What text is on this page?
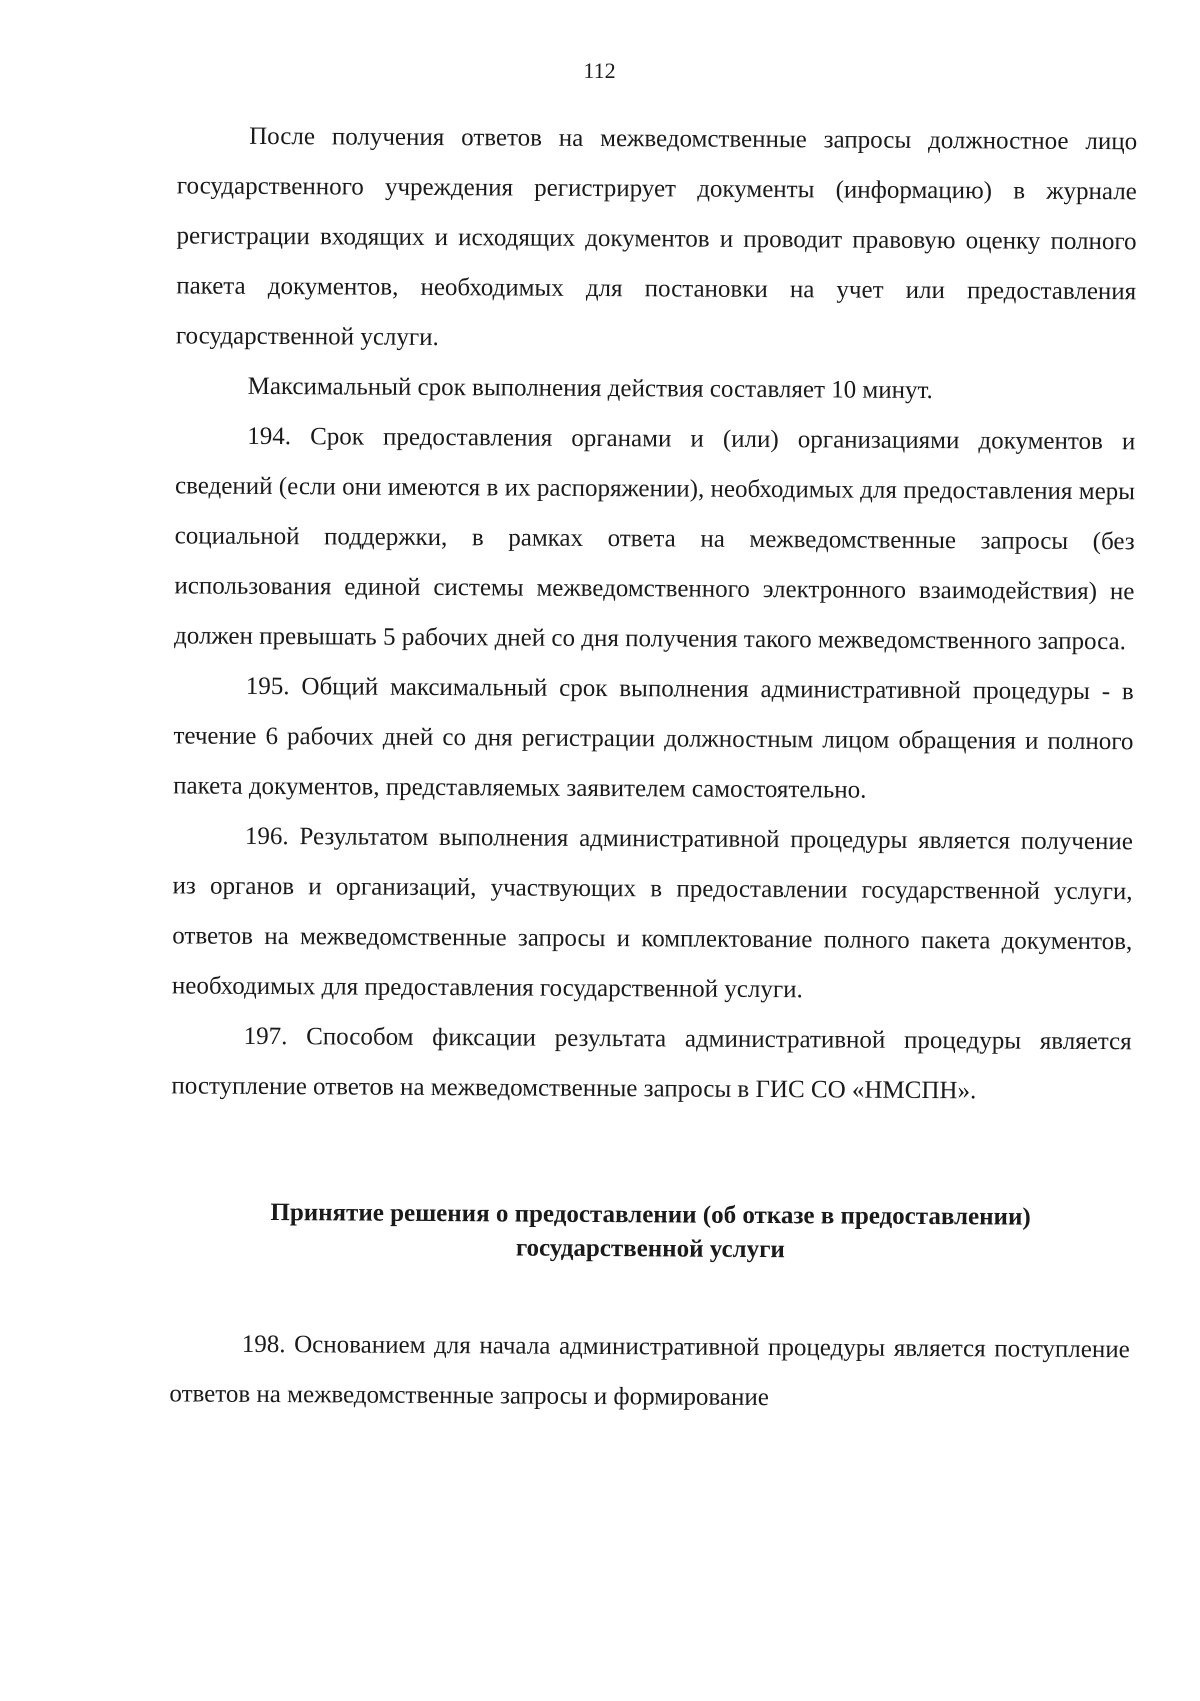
112

После получения ответов на межведомственные запросы должностное лицо государственного учреждения регистрирует документы (информацию) в журнале регистрации входящих и исходящих документов и проводит правовую оценку полного пакета документов, необходимых для постановки на учет или предоставления государственной услуги.

Максимальный срок выполнения действия составляет 10 минут.

194. Срок предоставления органами и (или) организациями документов и сведений (если они имеются в их распоряжении), необходимых для предоставления меры социальной поддержки, в рамках ответа на межведомственные запросы (без использования единой системы межведомственного электронного взаимодействия) не должен превышать 5 рабочих дней со дня получения такого межведомственного запроса.

195. Общий максимальный срок выполнения административной процедуры - в течение 6 рабочих дней со дня регистрации должностным лицом обращения и полного пакета документов, представляемых заявителем самостоятельно.

196. Результатом выполнения административной процедуры является получение из органов и организаций, участвующих в предоставлении государственной услуги, ответов на межведомственные запросы и комплектование полного пакета документов, необходимых для предоставления государственной услуги.

197. Способом фиксации результата административной процедуры является поступление ответов на межведомственные запросы в ГИС СО «НМСПН».

Принятие решения о предоставлении (об отказе в предоставлении)
государственной услуги

198. Основанием для начала административной процедуры является поступление ответов на межведомственные запросы и формирование
